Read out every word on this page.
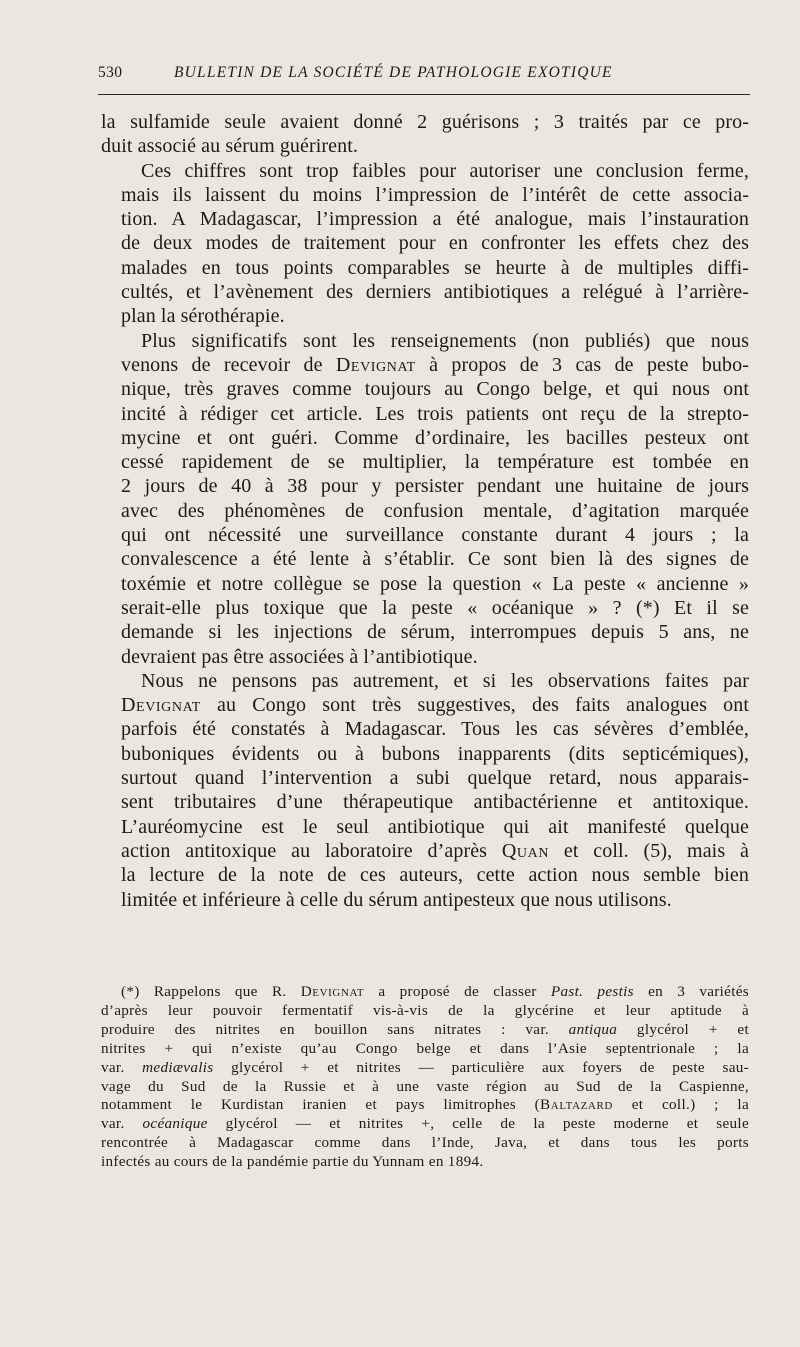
530	BULLETIN DE LA SOCIÉTÉ DE PATHOLOGIE EXOTIQUE

la sulfamide seule avaient donné 2 guérisons ; 3 traités par ce pro-
duit associé au sérum guérirent.

Ces chiffres sont trop faibles pour autoriser une conclusion ferme,
mais ils laissent du moins l’impression de l’intérêt de cette associa-
tion. A Madagascar, l’impression a été analogue, mais l’instauration
de deux modes de traitement pour en confronter les effets chez des
malades en tous points comparables se heurte à de multiples diffi-
cultés, et l’avènement des derniers antibiotiques a relégué à l’arrière-
plan la sérothérapie.

Plus significatifs sont les renseignements (non publiés) que nous
venons de recevoir de Devignat à propos de 3 cas de peste bubo-
nique, très graves comme toujours au Congo belge, et qui nous ont
incité à rédiger cet article. Les trois patients ont reçu de la strepto-
mycine et ont guéri. Comme d’ordinaire, les bacilles pesteux ont
cessé rapidement de se multiplier, la température est tombée en
2 jours de 40 à 38 pour y persister pendant une huitaine de jours
avec des phénomènes de confusion mentale, d’agitation marquée
qui ont nécessité une surveillance constante durant 4 jours ; la
convalescence a été lente à s’établir. Ce sont bien là des signes de
toxémie et notre collègue se pose la question « La peste « ancienne »
serait-elle plus toxique que la peste « océanique » ? (*) Et il se
demande si les injections de sérum, interrompues depuis 5 ans, ne
devraient pas être associées à l’antibiotique.

Nous ne pensons pas autrement, et si les observations faites par
Devignat au Congo sont très suggestives, des faits analogues ont
parfois été constatés à Madagascar. Tous les cas sévères d’emblée,
buboniques évidents ou à bubons inapparents (dits septicémiques),
surtout quand l’intervention a subi quelque retard, nous apparais-
sent tributaires d’une thérapeutique antibactérienne et antitoxique.
L’auréomycine est le seul antibiotique qui ait manifesté quelque
action antitoxique au laboratoire d’après Quan et coll. (5), mais à
la lecture de la note de ces auteurs, cette action nous semble bien
limitée et inférieure à celle du sérum antipesteux que nous utilisons.

(*) Rappelons que R. Devignat a proposé de classer Past. pestis en 3 variétés
d’après leur pouvoir fermentatif vis-à-vis de la glycérine et leur aptitude à
produire des nitrites en bouillon sans nitrates : var. antiqua glycérol + et
nitrites + qui n’existe qu’au Congo belge et dans l’Asie septentrionale ; la
var. mediævalis glycérol + et nitrites — particulière aux foyers de peste sau-
vage du Sud de la Russie et à une vaste région au Sud de la Caspienne,
notamment le Kurdistan iranien et pays limitrophes (Baltazard et coll.) ; la
var. océanique glycérol — et nitrites +, celle de la peste moderne et seule
rencontrée à Madagascar comme dans l’Inde, Java, et dans tous les ports
infectés au cours de la pandémie partie du Yunnam en 1894.
